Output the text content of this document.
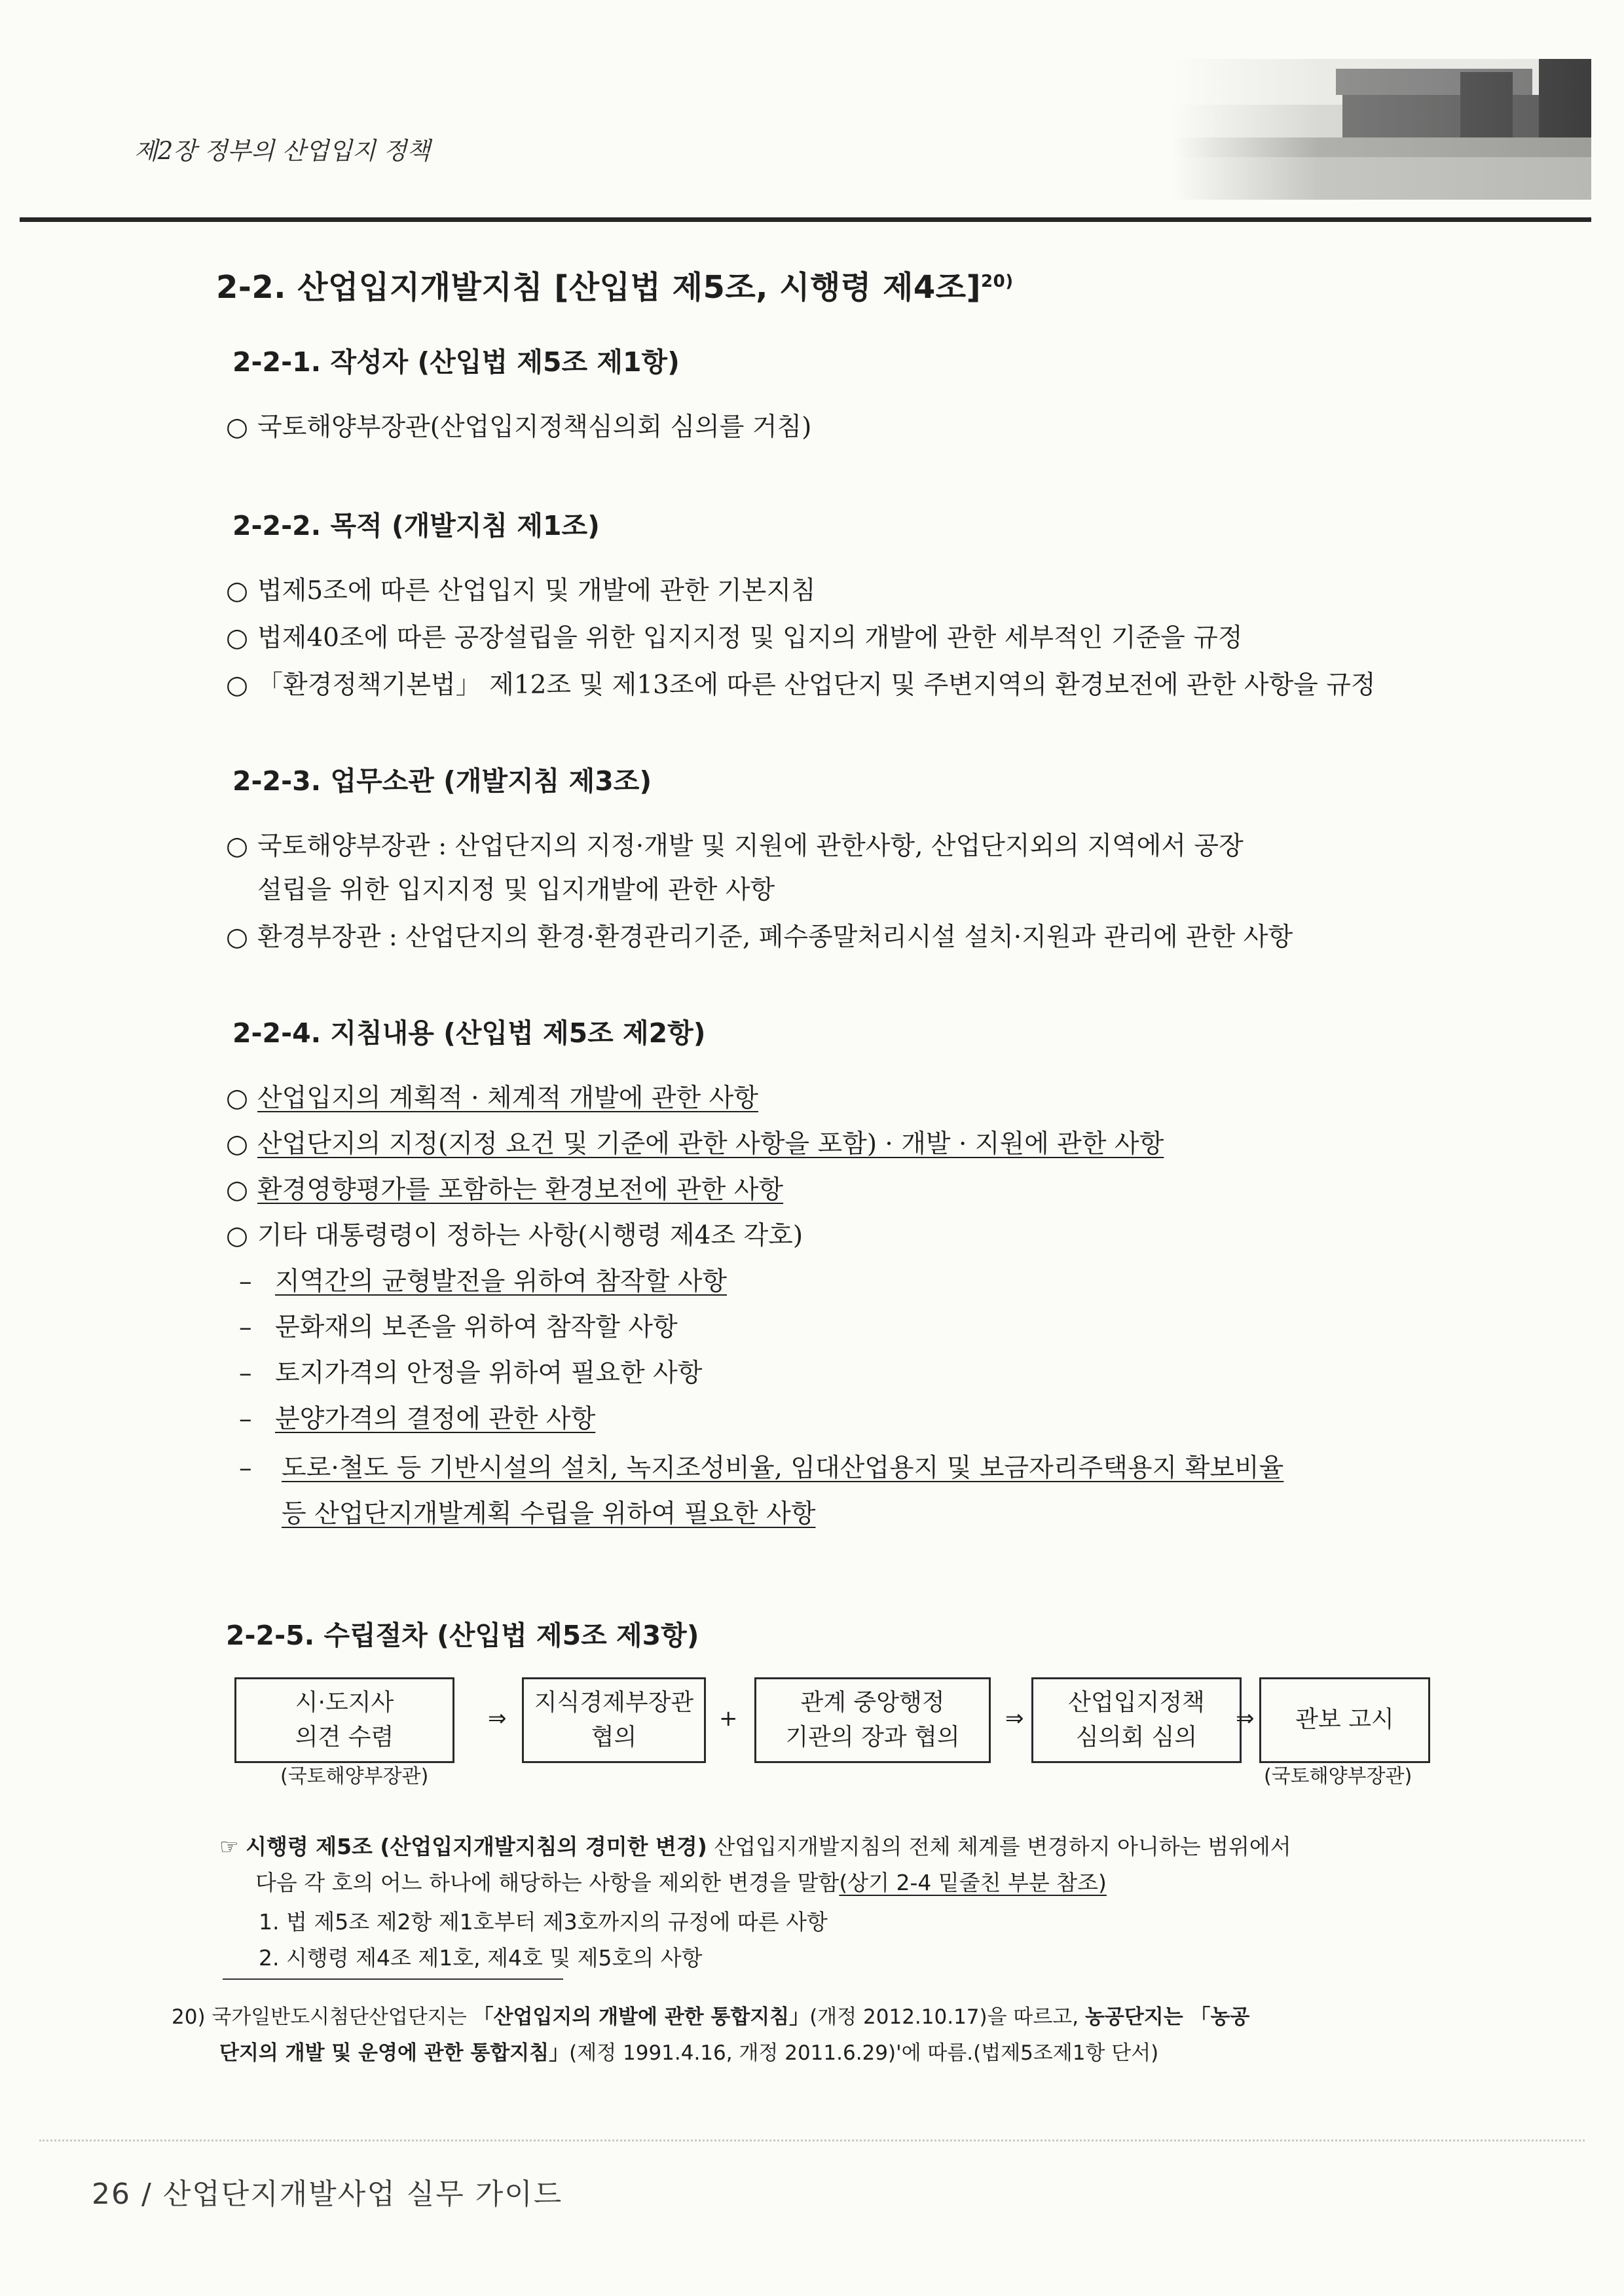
제2장 정부의 산업입지 정책
2-2. 산업입지개발지침 [산입법 제5조, 시행령 제4조]$^{20)}$
2-2-1. 작성자 (산입법 제5조 제1항)
○ 국토해양부장관(산업입지정책심의회 심의를 거침)
2-2-2. 목적 (개발지침 제1조)
○ 법제5조에 따른 산업입지 및 개발에 관한 기본지침
○ 법제40조에 따른 공장설립을 위한 입지지정 및 입지의 개발에 관한 세부적인 기준을 규정
○ 「환경정책기본법」 제12조 및 제13조에 따른 산업단지 및 주변지역의 환경보전에 관한 사항을 규정
2-2-3. 업무소관 (개발지침 제3조)
○ 국토해양부장관 : 산업단지의 지정·개발 및 지원에 관한사항, 산업단지외의 지역에서 공장
설립을 위한 입지지정 및 입지개발에 관한 사항
○ 환경부장관 : 산업단지의 환경·환경관리기준, 폐수종말처리시설 설치·지원과 관리에 관한 사항
2-2-4. 지침내용 (산입법 제5조 제2항)
○ 산업입지의 계획적 · 체계적 개발에 관한 사항
○ 산업단지의 지정(지정 요건 및 기준에 관한 사항을 포함) · 개발 · 지원에 관한 사항
○ 환경영향평가를 포함하는 환경보전에 관한 사항
○ 기타 대통령령이 정하는 사항(시행령 제4조 각호)
– 지역간의 균형발전을 위하여 참작할 사항
– 문화재의 보존을 위하여 참작할 사항
– 토지가격의 안정을 위하여 필요한 사항
– 분양가격의 결정에 관한 사항
– 도로·철도 등 기반시설의 설치, 녹지조성비율, 임대산업용지 및 보금자리주택용지 확보비율
등 산업단지개발계획 수립을 위하여 필요한 사항
2-2-5. 수립절차 (산입법 제5조 제3항)
시·도지사
의견 수렴
(국토해양부장관)
⇒
지식경제부장관
협의
+
관계 중앙행정
기관의 장과 협의
⇒
산업입지정책
심의회 심의
⇒	관보 고시
(국토해양부장관)
☞ 시행령 제5조 (산업입지개발지침의 경미한 변경) 산업입지개발지침의 전체 체계를 변경하지 아니하는 범위에서
다음 각 호의 어느 하나에 해당하는 사항을 제외한 변경을 말함(상기 2-4 밑줄친 부분 참조)
1. 법 제5조 제2항 제1호부터 제3호까지의 규정에 따른 사항
2. 시행령 제4조 제1호, 제4호 및 제5호의 사항
20) 국가일반도시첨단산업단지는 「산업입지의 개발에 관한 통합지침」(개정 2012.10.17)을 따르고, 농공단지는 「농공
단지의 개발 및 운영에 관한 통합지침」(제정 1991.4.16, 개정 2011.6.29)'에 따름.(법제5조제1항 단서)
26 / 산업단지개발사업 실무 가이드
